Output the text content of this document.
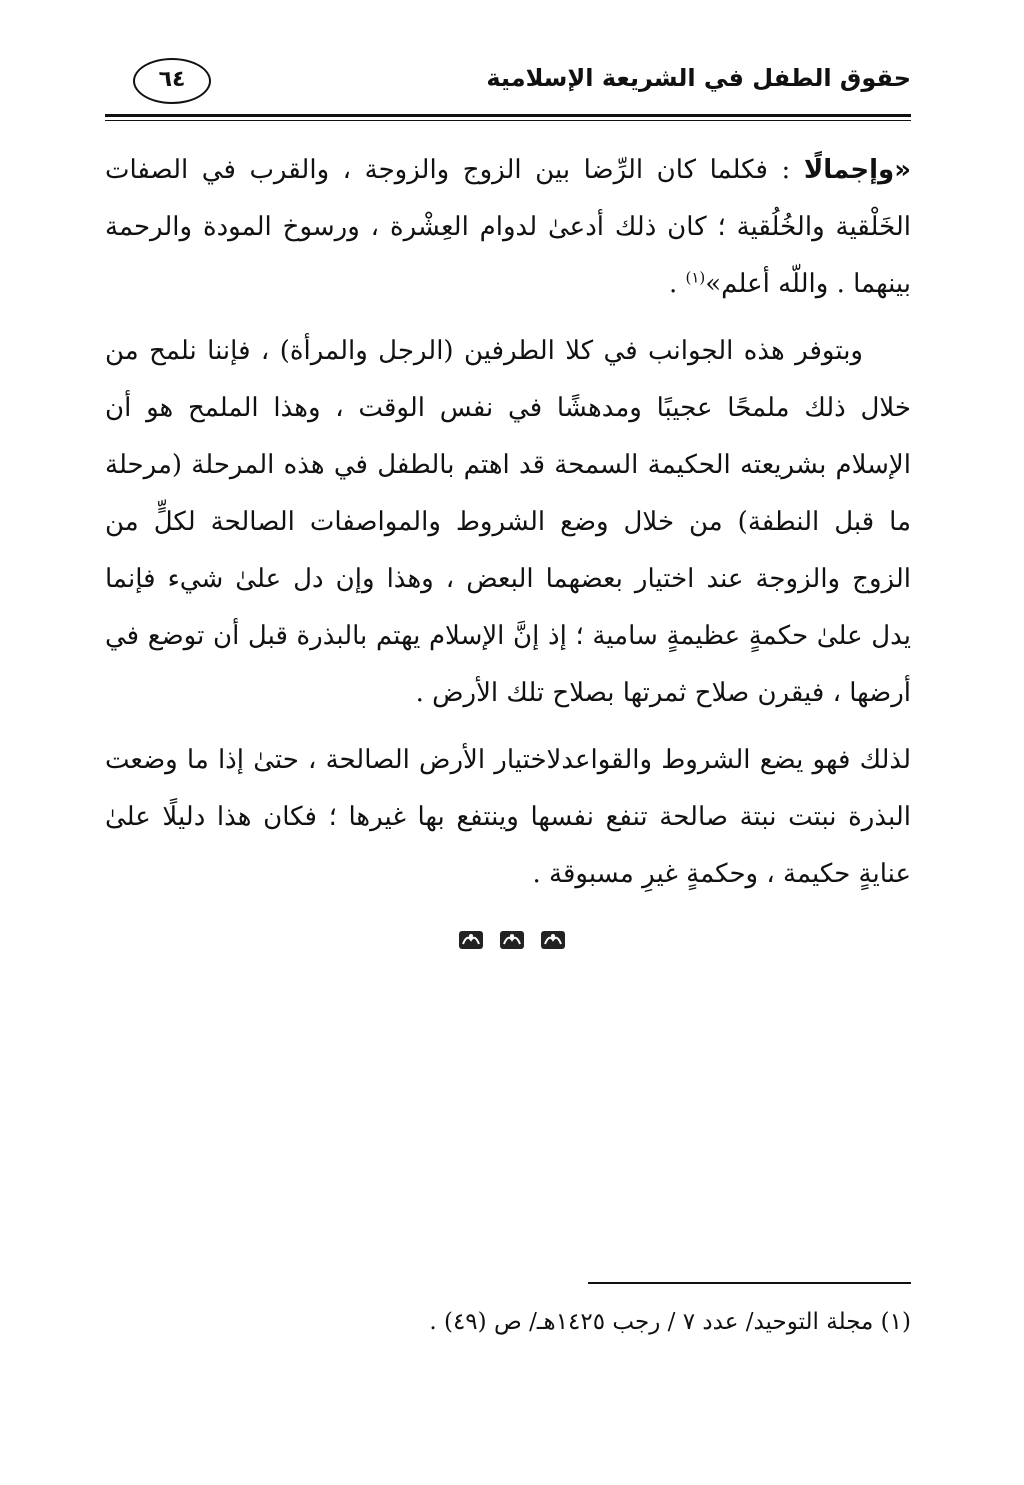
حقوق الطفل في الشريعة الإسلامية
٦٤

«وإجمالًا : فكلما كان الرِّضا بين الزوج والزوجة ، والقرب في الصفات الخَلْقية والخُلُقية ؛ كان ذلك أدعىٰ لدوام العِشْرة ، ورسوخ المودة والرحمة بينهما . واللّه أعلم»$^{(١)}$ .

وبتوفر هذه الجوانب في كلا الطرفين (الرجل والمرأة) ، فإننا نلمح من خلال ذلك ملمحًا عجيبًا ومدهشًا في نفس الوقت ، وهذا الملمح هو أن الإسلام بشريعته الحكيمة السمحة قد اهتم بالطفل في هذه المرحلة (مرحلة ما قبل النطفة) من خلال وضع الشروط والمواصفات الصالحة لكلٍّ من الزوج والزوجة عند اختيار بعضهما البعض ، وهذا وإن دل علىٰ شيء فإنما يدل علىٰ حكمةٍ عظيمةٍ سامية ؛ إذ إنَّ الإسلام يهتم بالبذرة قبل أن توضع في أرضها ، فيقرن صلاح ثمرتها بصلاح تلك الأرض .

لذلك فهو يضع الشروط والقواعدلاختيار الأرض الصالحة ، حتىٰ إذا ما وضعت البذرة نبتت نبتة صالحة تنفع نفسها وينتفع بها غيرها ؛ فكان هذا دليلًا علىٰ عنايةٍ حكيمة ، وحكمةٍ غيرِ مسبوقة .

(١) مجلة التوحيد/ عدد ٧ / رجب ١٤٢٥هـ/ ص (٤٩) .
